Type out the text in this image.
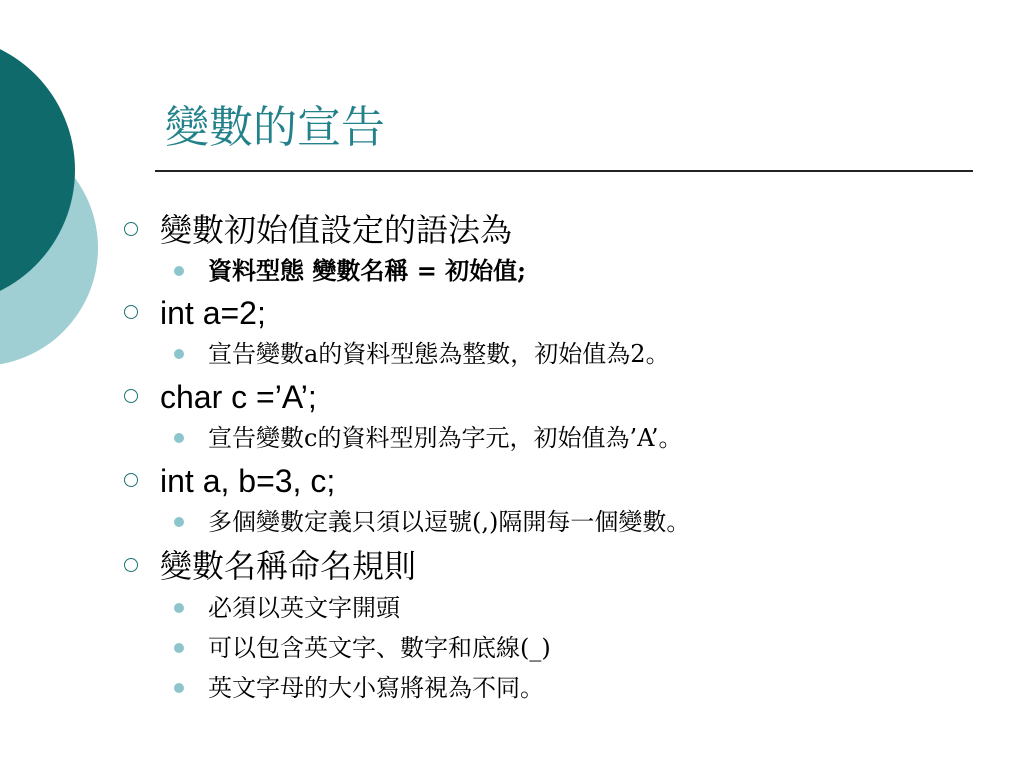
變數的宣告
變數初始值設定的語法為
資料型態 變數名稱 = 初始值;
int a=2;
宣告變數a的資料型態為整數，初始值為2。
char c =’A’;
宣告變數c的資料型別為字元，初始值為’A’。
int a, b=3, c;
多個變數定義只須以逗號(,)隔開每一個變數。
變數名稱命名規則
必須以英文字開頭
可以包含英文字、數字和底線(_)
英文字母的大小寫將視為不同。
